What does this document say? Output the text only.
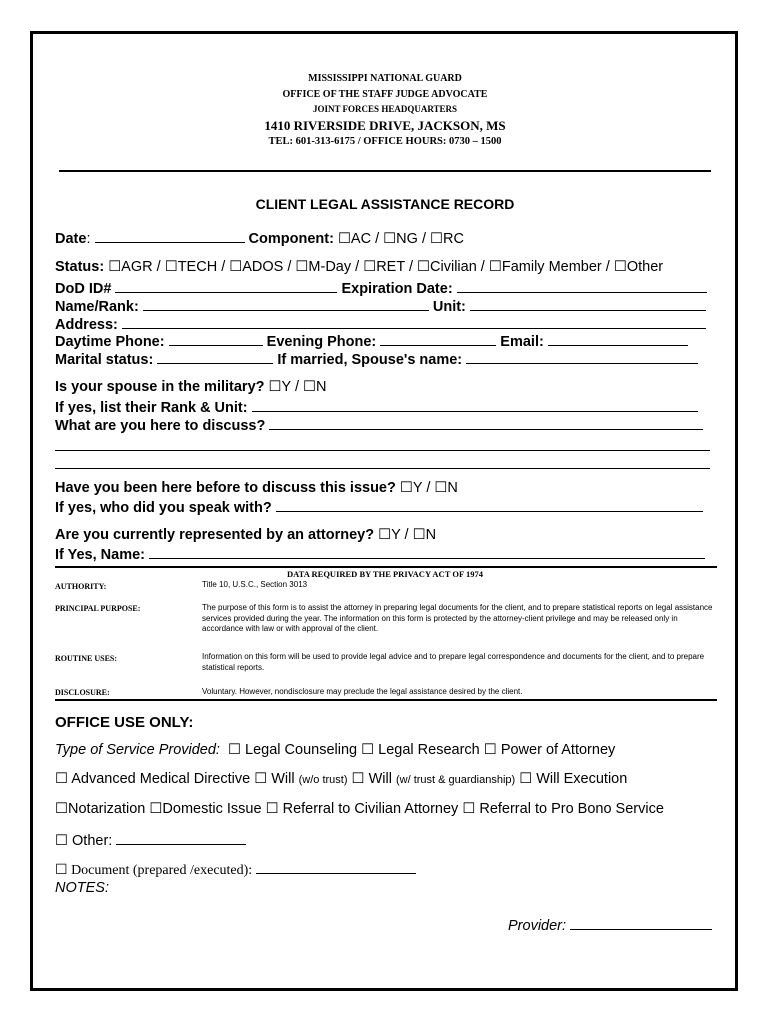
MISSISSIPPI NATIONAL GUARD
OFFICE OF THE STAFF JUDGE ADVOCATE
JOINT FORCES HEADQUARTERS
1410 RIVERSIDE DRIVE, JACKSON, MS
TEL: 601-313-6175 / OFFICE HOURS: 0730 – 1500
CLIENT LEGAL ASSISTANCE RECORD
Date:	Component: ☐AC / ☐NG / ☐RC
Status: ☐AGR / ☐TECH / ☐ADOS / ☐M-Day / ☐RET / ☐Civilian / ☐Family Member / ☐Other
DoD ID#	Expiration Date:
Name/Rank:	Unit:
Address:
Daytime Phone:	Evening Phone:	Email:
Marital status:	If married, Spouse's name:
Is your spouse in the military? ☐Y / ☐N
If yes, list their Rank & Unit:
What are you here to discuss?
Have you been here before to discuss this issue? ☐Y / ☐N
If yes, who did you speak with?
Are you currently represented by an attorney? ☐Y / ☐N
If Yes, Name:
DATA REQUIRED BY THE PRIVACY ACT OF 1974
AUTHORITY:	Title 10, U.S.C., Section 3013
PRINCIPAL PURPOSE:	The purpose of this form is to assist the attorney in preparing legal documents for the client, and to prepare statistical reports on legal assistance services provided during the year. The information on this form is protected by the attorney-client privilege and may be released only in accordance with law or with approval of the client.
ROUTINE USES:	Information on this form will be used to provide legal advice and to prepare legal correspondence and documents for the client, and to prepare statistical reports.
DISCLOSURE:	Voluntary. However, nondisclosure may preclude the legal assistance desired by the client.
OFFICE USE ONLY:
Type of Service Provided: ☐ Legal Counseling ☐ Legal Research ☐ Power of Attorney
☐ Advanced Medical Directive ☐ Will (w/o trust) ☐ Will (w/ trust & guardianship) ☐ Will Execution
☐Notarization ☐Domestic Issue ☐ Referral to Civilian Attorney ☐ Referral to Pro Bono Service
☐ Other:
☐ Document (prepared /executed):
NOTES:
Provider:
